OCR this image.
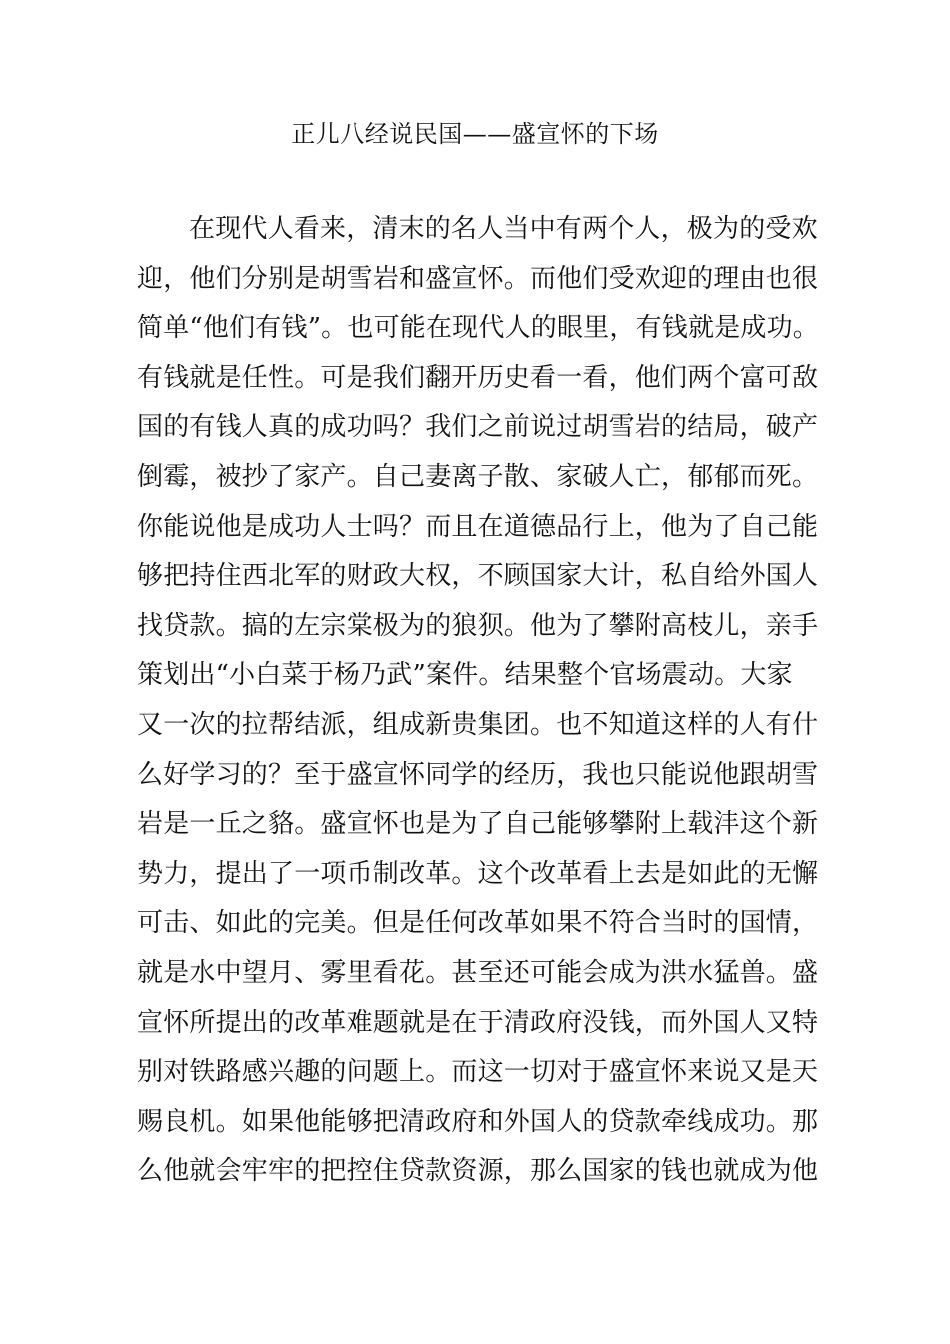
正儿八经说民国——盛宣怀的下场
在现代人看来，清末的名人当中有两个人，极为的受欢
迎，他们分别是胡雪岩和盛宣怀。而他们受欢迎的理由也很
简单“他们有钱”。也可能在现代人的眼里，有钱就是成功。
有钱就是任性。可是我们翻开历史看一看，他们两个富可敌
国的有钱人真的成功吗？我们之前说过胡雪岩的结局，破产
倒霉，被抄了家产。自己妻离子散、家破人亡，郁郁而死。
你能说他是成功人士吗？而且在道德品行上，他为了自己能
够把持住西北军的财政大权，不顾国家大计，私自给外国人
找贷款。搞的左宗棠极为的狼狈。他为了攀附高枝儿，亲手
策划出“小白菜于杨乃武”案件。结果整个官场震动。大家
又一次的拉帮结派，组成新贵集团。也不知道这样的人有什
么好学习的？至于盛宣怀同学的经历，我也只能说他跟胡雪
岩是一丘之貉。盛宣怀也是为了自己能够攀附上载沣这个新
势力，提出了一项币制改革。这个改革看上去是如此的无懈
可击、如此的完美。但是任何改革如果不符合当时的国情，
就是水中望月、雾里看花。甚至还可能会成为洪水猛兽。盛
宣怀所提出的改革难题就是在于清政府没钱，而外国人又特
别对铁路感兴趣的问题上。而这一切对于盛宣怀来说又是天
赐良机。如果他能够把清政府和外国人的贷款牵线成功。那
么他就会牢牢的把控住贷款资源，那么国家的钱也就成为他
